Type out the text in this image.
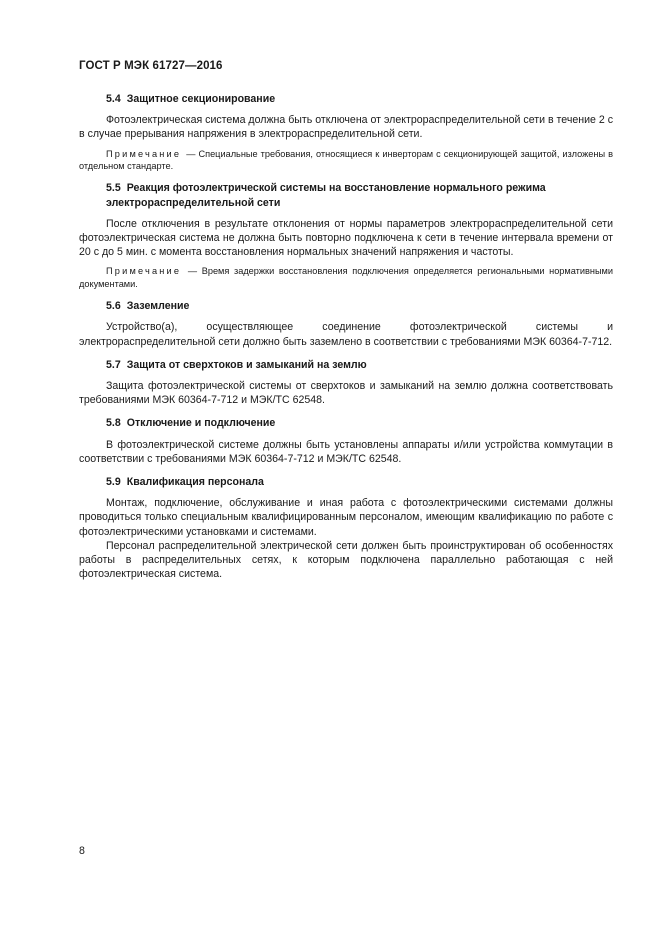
ГОСТ Р МЭК 61727—2016
5.4 Защитное секционирование

Фотоэлектрическая система должна быть отключена от электрораспределительной сети в течение 2 с в случае прерывания напряжения в электрораспределительной сети.

Примечание — Специальные требования, относящиеся к инверторам с секционирующей защитой, изложены в отдельном стандарте.

5.5 Реакция фотоэлектрической системы на восстановление нормального режима электрораспределительной сети

После отключения в результате отклонения от нормы параметров электрораспределительной сети фотоэлектрическая система не должна быть повторно подключена к сети в течение интервала времени от 20 с до 5 мин. с момента восстановления нормальных значений напряжения и частоты.

Примечание — Время задержки восстановления подключения определяется региональными нормативными документами.

5.6 Заземление

Устройство(а), осуществляющее соединение фотоэлектрической системы и электрораспределительной сети должно быть заземлено в соответствии с требованиями МЭК 60364-7-712.

5.7 Защита от сверхтоков и замыканий на землю

Защита фотоэлектрической системы от сверхтоков и замыканий на землю должна соответствовать требованиями МЭК 60364-7-712 и МЭК/ТС 62548.

5.8 Отключение и подключение

В фотоэлектрической системе должны быть установлены аппараты и/или устройства коммутации в соответствии с требованиями МЭК 60364-7-712 и МЭК/ТС 62548.

5.9 Квалификация персонала

Монтаж, подключение, обслуживание и иная работа с фотоэлектрическими системами должны проводиться только специальным квалифицированным персоналом, имеющим квалификацию по работе с фотоэлектрическими установками и системами.

Персонал распределительной электрической сети должен быть проинструктирован об особенностях работы в распределительных сетях, к которым подключена параллельно работающая с ней фотоэлектрическая система.

8
